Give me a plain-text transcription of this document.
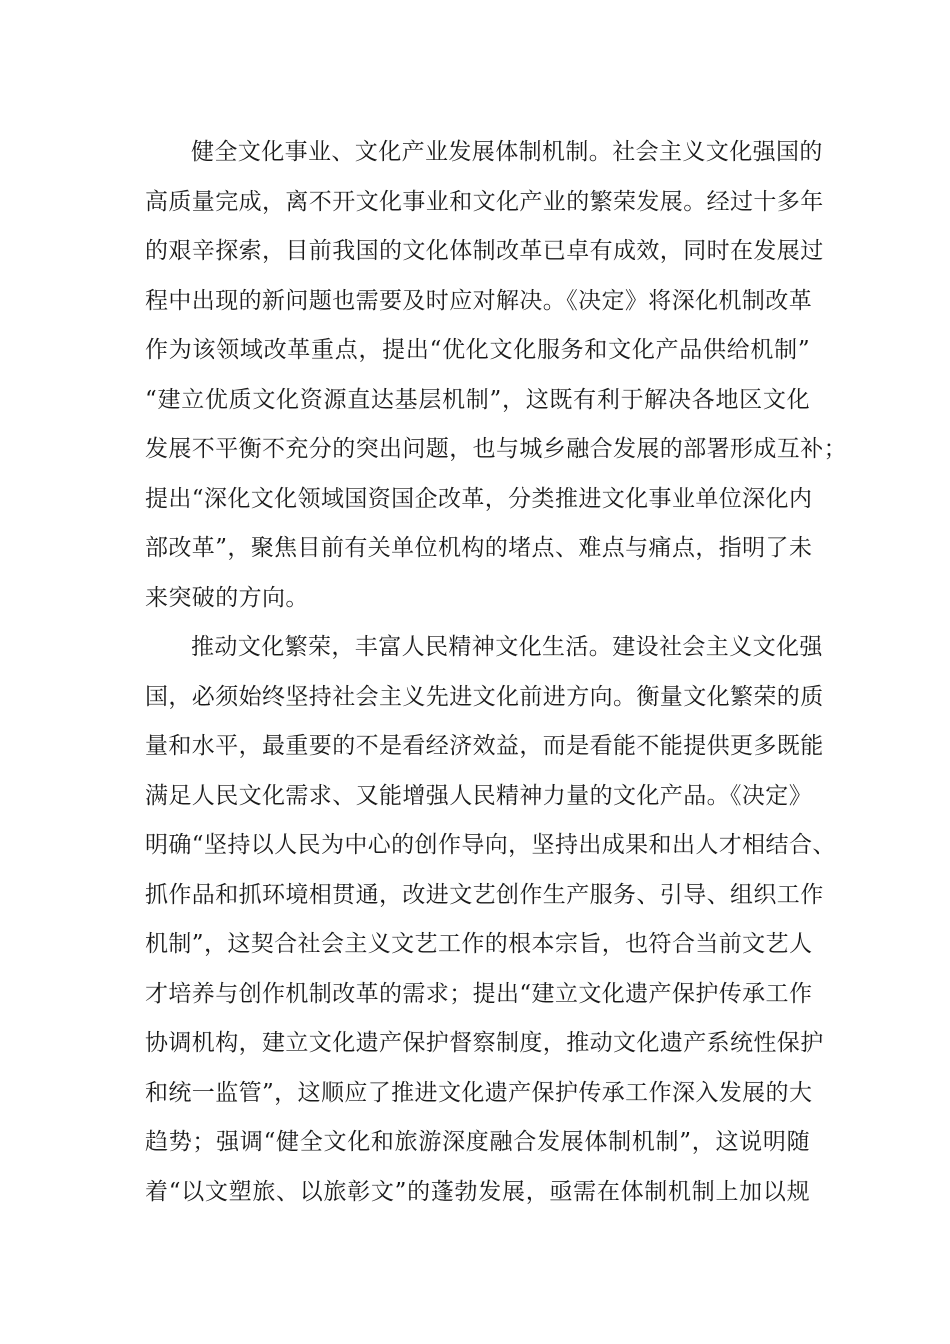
健全文化事业、文化产业发展体制机制。社会主义文化强国的
高质量完成，离不开文化事业和文化产业的繁荣发展。经过十多年
的艰辛探索，目前我国的文化体制改革已卓有成效，同时在发展过
程中出现的新问题也需要及时应对解决。《决定》将深化机制改革
作为该领域改革重点，提出“优化文化服务和文化产品供给机制”
“建立优质文化资源直达基层机制”，这既有利于解决各地区文化
发展不平衡不充分的突出问题，也与城乡融合发展的部署形成互补；
提出“深化文化领域国资国企改革，分类推进文化事业单位深化内
部改革”，聚焦目前有关单位机构的堵点、难点与痛点，指明了未
来突破的方向。
推动文化繁荣，丰富人民精神文化生活。建设社会主义文化强
国，必须始终坚持社会主义先进文化前进方向。衡量文化繁荣的质
量和水平，最重要的不是看经济效益，而是看能不能提供更多既能
满足人民文化需求、又能增强人民精神力量的文化产品。《决定》
明确“坚持以人民为中心的创作导向，坚持出成果和出人才相结合、
抓作品和抓环境相贯通，改进文艺创作生产服务、引导、组织工作
机制”，这契合社会主义文艺工作的根本宗旨，也符合当前文艺人
才培养与创作机制改革的需求；提出“建立文化遗产保护传承工作
协调机构，建立文化遗产保护督察制度，推动文化遗产系统性保护
和统一监管”，这顺应了推进文化遗产保护传承工作深入发展的大
趋势；强调“健全文化和旅游深度融合发展体制机制”，这说明随
着“以文塑旅、以旅彰文”的蓬勃发展，亟需在体制机制上加以规
